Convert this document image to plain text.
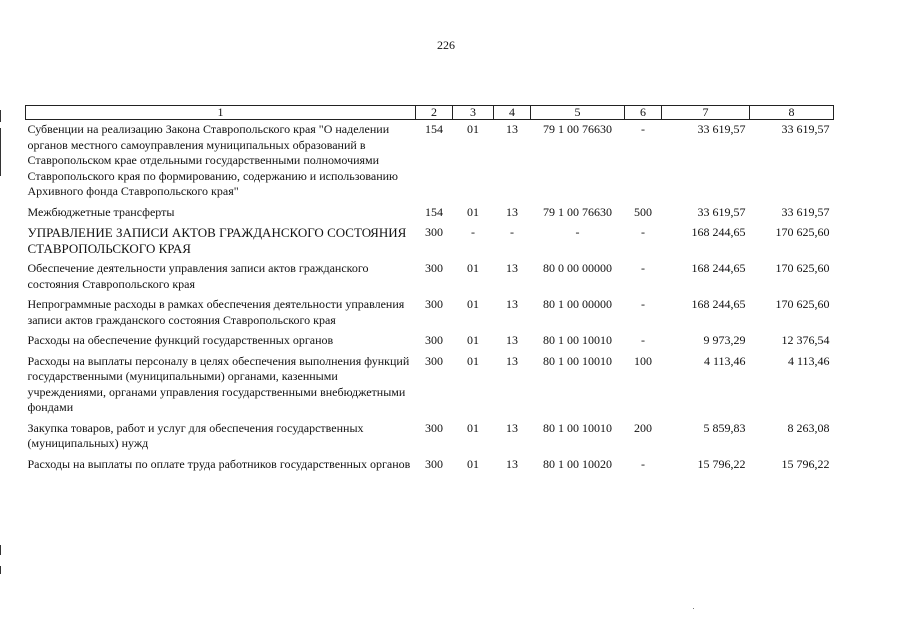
226
1	2	3	4	5	6	7	8
Субвенции на реализацию Закона Ставропольского края "О наделении органов местного самоуправления муниципальных образований в Ставропольском крае отдельными государственными полномочиями Ставропольского края по формированию, содержанию и использованию Архивного фонда Ставропольского края"	154	01	13	79 1 00 76630	-	33 619,57	33 619,57
Межбюджетные трансферты	154	01	13	79 1 00 76630	500	33 619,57	33 619,57
УПРАВЛЕНИЕ ЗАПИСИ АКТОВ ГРАЖДАНСКОГО СОСТОЯНИЯ СТАВРОПОЛЬСКОГО КРАЯ	300	-	-	-	-	168 244,65	170 625,60
Обеспечение деятельности управления записи актов гражданского состояния Ставропольского края	300	01	13	80 0 00 00000	-	168 244,65	170 625,60
Непрограммные расходы в рамках обеспечения деятельности управления записи актов гражданского состояния Ставропольского края	300	01	13	80 1 00 00000	-	168 244,65	170 625,60
Расходы на обеспечение функций государственных органов	300	01	13	80 1 00 10010	-	9 973,29	12 376,54
Расходы на выплаты персоналу в целях обеспечения выполнения функций государственными (муниципальными) органами, казенными учреждениями, органами управления государственными внебюджетными фондами	300	01	13	80 1 00 10010	100	4 113,46	4 113,46
Закупка товаров, работ и услуг для обеспечения государственных (муниципальных) нужд	300	01	13	80 1 00 10010	200	5 859,83	8 263,08
Расходы на выплаты по оплате труда работников государственных органов	300	01	13	80 1 00 10020	-	15 796,22	15 796,22
